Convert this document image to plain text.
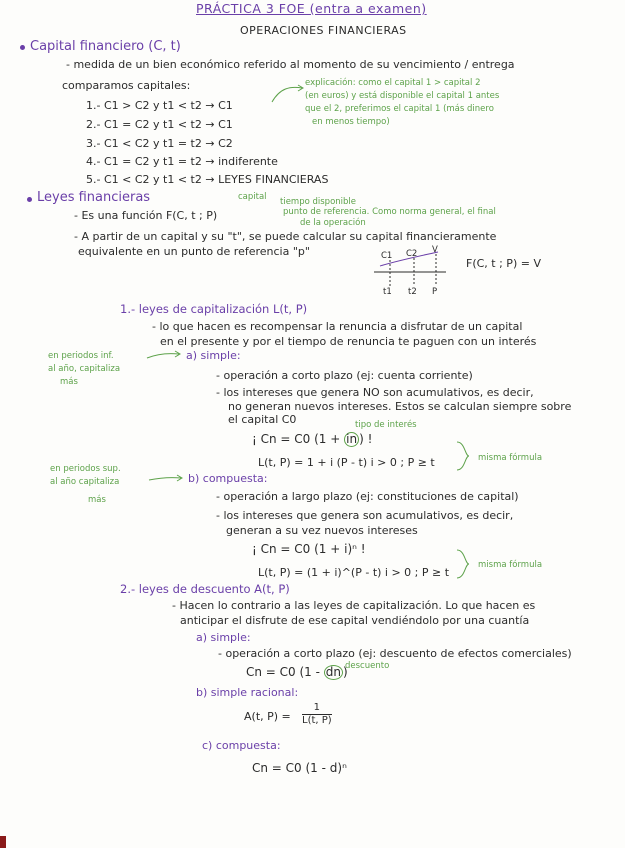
PRÁCTICA 3 FOE (entra a examen)
OPERACIONES FINANCIERAS
Capital financiero (C, t)
- medida de un bien económico referido al momento de su vencimiento / entrega
comparamos capitales:
1.- C1 > C2 y t1 < t2 → C1
2.- C1 = C2 y t1 < t2 → C1
3.- C1 < C2 y t1 = t2 → C2
4.- C1 = C2 y t1 = t2 → indiferente
5.- C1 < C2 y t1 < t2 → LEYES FINANCIERAS
explicación: como el capital 1 > capital 2
(en euros) y está disponible el capital 1 antes
que el 2, preferimos el capital 1 (más dinero
en menos tiempo)
Leyes financieras	capital tiempo disponible
- Es una función F(C, t ; P)	punto de referencia. Como norma general, el final
de la operación
- A partir de un capital y su "t", se puede calcular su capital financieramente
equivalente en un punto de referencia "p"	C1 C2 V
t1 t2 P
F(C, t ; P) = V
1.- leyes de capitalización L(t, P)
- lo que hacen es recompensar la renuncia a disfrutar de un capital
en el presente y por el tiempo de renuncia te paguen con un interés
en periodos inf.
al año, capitaliza
más
a) simple:
- operación a corto plazo (ej: cuenta corriente)
- los intereses que genera NO son acumulativos, es decir,
no generan nuevos intereses. Estos se calculan siempre sobre
el capital C0	tipo de interés
¡ Cn = C0 (1 + in ) !
L(t, P) = 1 + i (P - t) i > 0 ; P ≥ t	misma fórmula
en periodos sup.
al año capitaliza
más
b) compuesta:
- operación a largo plazo (ej: constituciones de capital)
- los intereses que genera son acumulativos, es decir,
generan a su vez nuevos intereses
¡ Cn = C0 (1 + i)ⁿ !
L(t, P) = (1 + i)^(P - t) i > 0 ; P ≥ t
misma fórmula
2.- leyes de descuento A(t, P)
- Hacen lo contrario a las leyes de capitalización. Lo que hacen es
anticipar el disfrute de ese capital vendiéndolo por una cuantía
a) simple:
- operación a corto plazo (ej: descuento de efectos comerciales)
Cn = C0 (1 - dn )
descuento
b) simple racional:
A(t, P) =
1
L(t, P)
c) compuesta:
Cn = C0 (1 - d)ⁿ
